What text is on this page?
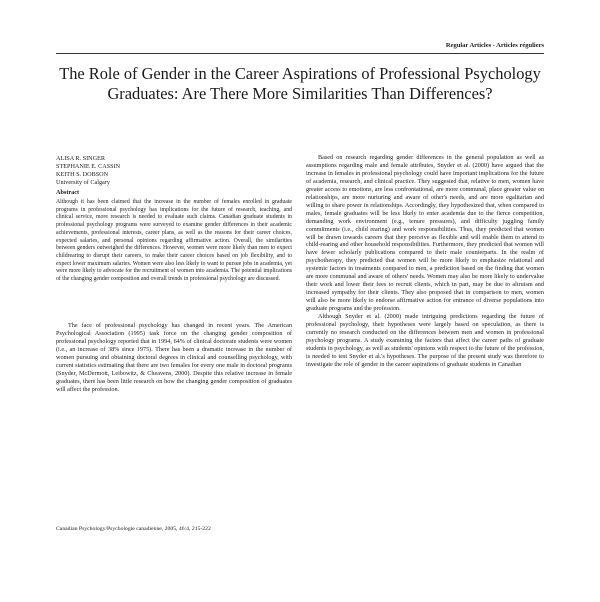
Regular Articles - Articles réguliers
The Role of Gender in the Career Aspirations of Professional Psychology Graduates: Are There More Similarities Than Differences?
ALISA R. SINGER
STEPHANIE E. CASSIN
KEITH S. DOBSON
University of Calgary
Abstract
Although it has been claimed that the increase in the number of females enrolled in graduate programs in professional psychology has implications for the future of research, teaching, and clinical service, more research is needed to evaluate such claims. Canadian graduate students in professional psychology programs were surveyed to examine gender differences in their academic achievements, professional interests, career plans, as well as the reasons for their career choices, expected salaries, and personal opinions regarding affirmative action. Overall, the similarities between genders outweighed the differences. However, women were more likely than men to expect childrearing to disrupt their careers, to make their career choices based on job flexibility, and to expect lower maximum salaries. Women were also less likely to want to pursue jobs in academia, yet were more likely to advocate for the recruitment of women into academia. The potential implications of the changing gender composition and overall trends in professional psychology are discussed.
The face of professional psychology has changed in recent years. The American Psychological Association (1995) task force on the changing gender composition of professional psychology reported that in 1994, 64% of clinical doctorate students were women (i.e., an increase of 38% since 1975). There has been a dramatic increase in the number of women pursuing and obtaining doctoral degrees in clinical and counselling psychology, with current statistics estimating that there are two females for every one male in doctoral programs (Snyder, McDermott, Leibowitz, & Cheavens, 2000). Despite this relative increase in female graduates, there has been little research on how the changing gender composition of graduates will affect the profession.
Canadian Psychology/Psychologie canadienne, 2005, 46:4, 215-222

Based on research regarding gender differences in the general population as well as assumptions regarding male and female attributes, Snyder et al. (2000) have argued that the increase in females in professional psychology could have important implications for the future of academia, research, and clinical practice. They suggested that, relative to men, women have greater access to emotions, are less confrontational, are more communal, place greater value on relationships, are more nurturing and aware of other's needs, and are more egalitarian and willing to share power in relationships. Accordingly, they hypothesized that, when compared to males, female graduates will be less likely to enter academia due to the fierce competition, demanding work environment (e.g., tenure pressures), and difficulty juggling family commitments (i.e., child rearing) and work responsibilities. Thus, they predicted that women will be drawn towards careers that they perceive as flexible and will enable them to attend to child-rearing and other household responsibilities. Furthermore, they predicted that women will have fewer scholarly publications compared to their male counterparts. In the realm of psychotherapy, they predicted that women will be more likely to emphasize relational and systemic factors in treatments compared to men, a prediction based on the finding that women are more communal and aware of others' needs. Women may also be more likely to undervalue their work and lower their fees to recruit clients, which in part, may be due to altruism and increased sympathy for their clients. They also proposed that in comparison to men, women will also be more likely to endorse affirmative action for entrance of diverse populations into graduate programs and the profession.

Although Snyder et al. (2000) made intriguing predictions regarding the future of professional psychology, their hypotheses were largely based on speculation, as there is currently no research conducted on the differences between men and women in professional psychology programs. A study examining the factors that affect the career paths of graduate students in psychology, as well as students' opinions with respect to the future of the profession, is needed to test Snyder et al.'s hypotheses. The purpose of the present study was therefore to investigate the role of gender in the career aspirations of graduate students in Canadian
